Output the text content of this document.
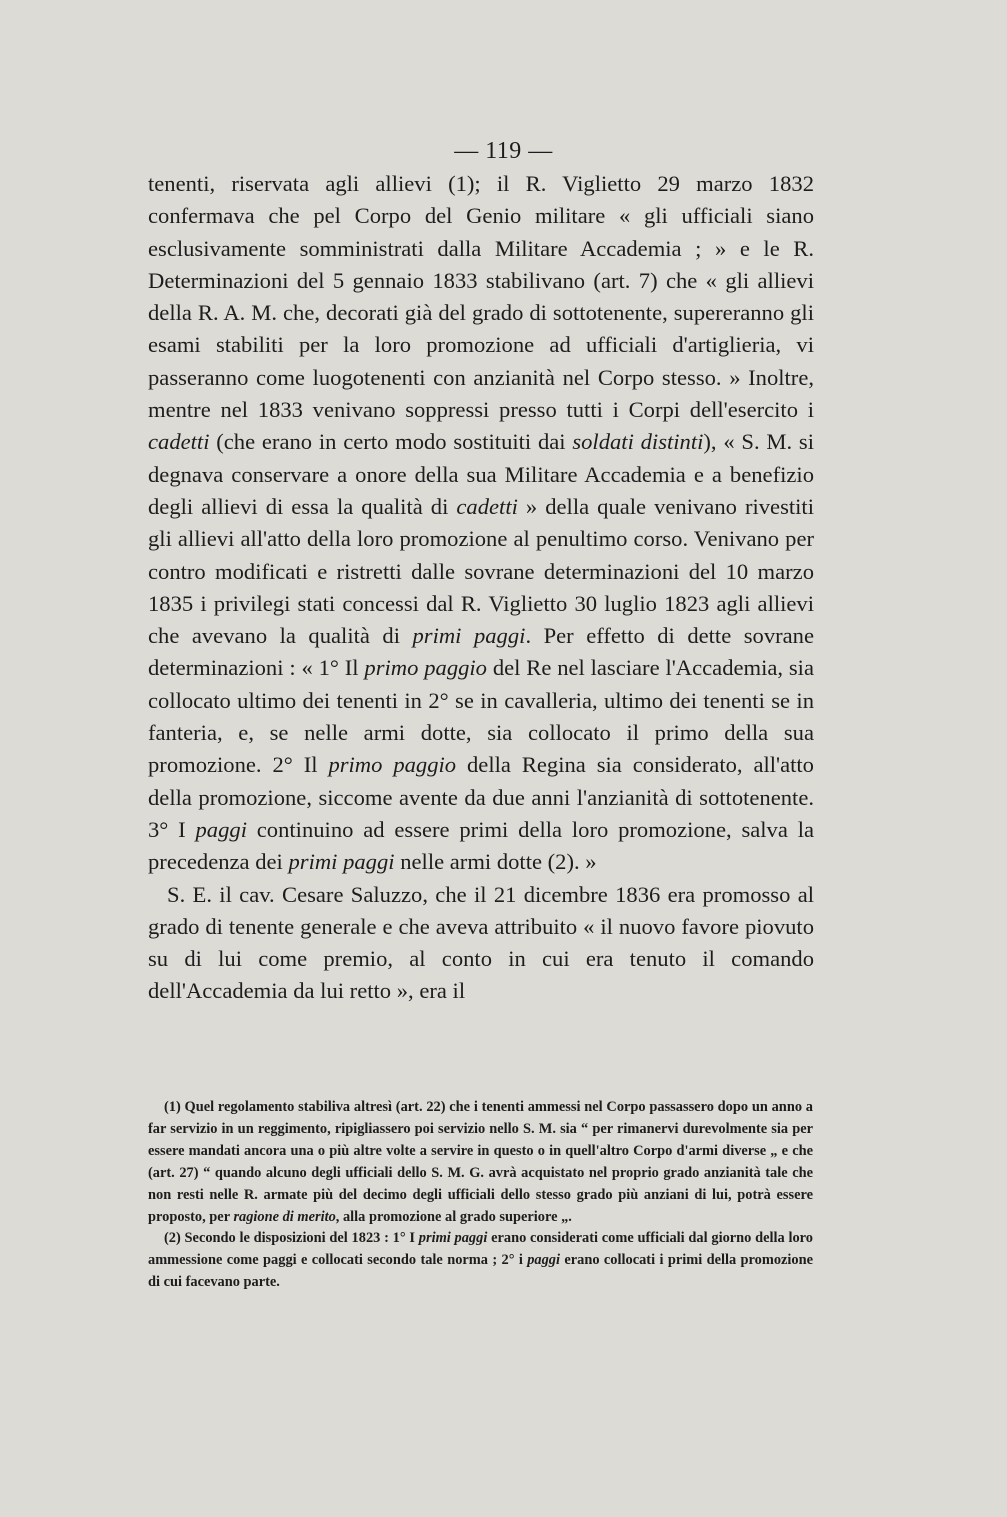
— 119 —

tenenti, riservata agli allievi (1); il R. Viglietto 29 marzo 1832 confermava che pel Corpo del Genio militare « gli ufficiali siano esclusivamente somministrati dalla Militare Accademia ; » e le R. Determinazioni del 5 gennaio 1833 stabilivano (art. 7) che « gli allievi della R. A. M. che, decorati già del grado di sottotenente, supereranno gli esami stabiliti per la loro promozione ad ufficiali d'artiglieria, vi passeranno come luogotenenti con anzianità nel Corpo stesso. » Inoltre, mentre nel 1833 venivano soppressi presso tutti i Corpi dell'esercito i cadetti (che erano in certo modo sostituiti dai soldati distinti), « S. M. si degnava conservare a onore della sua Militare Accademia e a benefizio degli allievi di essa la qualità di cadetti » della quale venivano rivestiti gli allievi all'atto della loro promozione al penultimo corso. Venivano per contro modificati e ristretti dalle sovrane determinazioni del 10 marzo 1835 i privilegi stati concessi dal R. Viglietto 30 luglio 1823 agli allievi che avevano la qualità di primi paggi. Per effetto di dette sovrane determinazioni : « 1° Il primo paggio del Re nel lasciare l'Accademia, sia collocato ultimo dei tenenti in 2° se in cavalleria, ultimo dei tenenti se in fanteria, e, se nelle armi dotte, sia collocato il primo della sua promozione. 2° Il primo paggio della Regina sia considerato, all'atto della promozione, siccome avente da due anni l'anzianità di sottotenente. 3° I paggi continuino ad essere primi della loro promozione, salva la precedenza dei primi paggi nelle armi dotte (2). »

S. E. il cav. Cesare Saluzzo, che il 21 dicembre 1836 era promosso al grado di tenente generale e che aveva attribuito « il nuovo favore piovuto su di lui come premio, al conto in cui era tenuto il comando dell'Accademia da lui retto », era il

(1) Quel regolamento stabiliva altresì (art. 22) che i tenenti ammessi nel Corpo passassero dopo un anno a far servizio in un reggimento, ripigliassero poi servizio nello S. M. sia “ per rimanervi durevolmente sia per essere mandati ancora una o più altre volte a servire in questo o in quell'altro Corpo d'armi diverse „ e che (art. 27) “ quando alcuno degli ufficiali dello S. M. G. avrà acquistato nel proprio grado anzianità tale che non resti nelle R. armate più del decimo degli ufficiali dello stesso grado più anziani di lui, potrà essere proposto, per ragione di merito, alla promozione al grado superiore „.

(2) Secondo le disposizioni del 1823 : 1° I primi paggi erano considerati come ufficiali dal giorno della loro ammessione come paggi e collocati secondo tale norma ; 2° i paggi erano collocati i primi della promozione di cui facevano parte.
